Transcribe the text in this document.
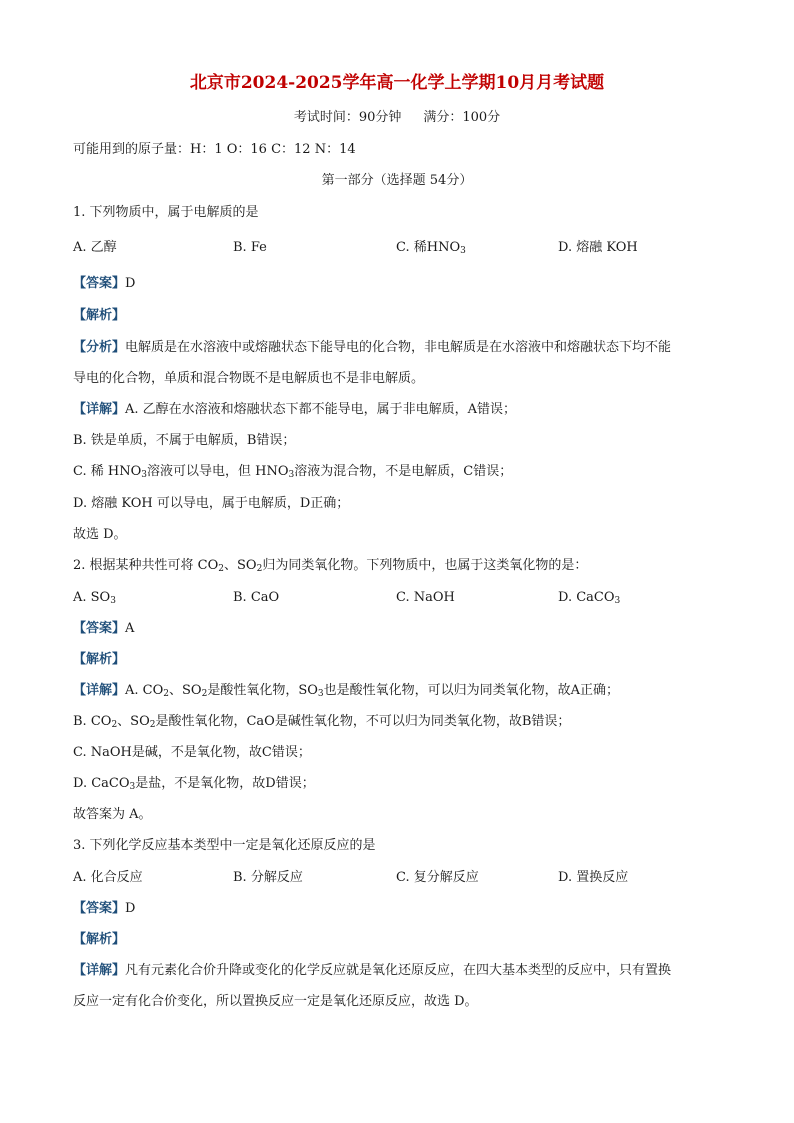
北京市2024-2025学年高一化学上学期10月月考试题
考试时间：90分钟 满分：100分
可能用到的原子量：H：1 O：16 C：12 N：14
第一部分（选择题 54分）
1. 下列物质中，属于电解质的是
A. 乙醇	B. Fe	C. 稀$HNO_3$	D. 熔融 KOH
【答案】D
【解析】
【分析】电解质是在水溶液中或熔融状态下能导电的化合物，非电解质是在水溶液中和熔融状态下均不能
导电的化合物，单质和混合物既不是电解质也不是非电解质。
【详解】A. 乙醇在水溶液和熔融状态下都不能导电，属于非电解质，A错误；
B. 铁是单质，不属于电解质，B错误；
C. 稀 $HNO_3$溶液可以导电，但 $HNO_3$溶液为混合物，不是电解质，C错误；
D. 熔融 KOH 可以导电，属于电解质，D正确；
故选 D。
2. 根据某种共性可将 $CO_2$、$SO_2$归为同类氧化物。下列物质中，也属于这类氧化物的是：
A. $SO_3$	B. CaO	C. NaOH	D. CaCO$_3$
【答案】A
【解析】
【详解】A. $CO_2$、$SO_2$是酸性氧化物，$SO_3$也是酸性氧化物，可以归为同类氧化物，故A正确；
B. $CO_2$、$SO_2$是酸性氧化物，CaO是碱性氧化物，不可以归为同类氧化物，故B错误；
C. NaOH是碱，不是氧化物，故C错误；
D. CaCO$_3$是盐，不是氧化物，故D错误；
故答案为 A。
3. 下列化学反应基本类型中一定是氧化还原反应的是
A. 化合反应	B. 分解反应	C. 复分解反应	D. 置换反应
【答案】D
【解析】
【详解】凡有元素化合价升降或变化的化学反应就是氧化还原反应，在四大基本类型的反应中，只有置换
反应一定有化合价变化，所以置换反应一定是氧化还原反应，故选 D。
